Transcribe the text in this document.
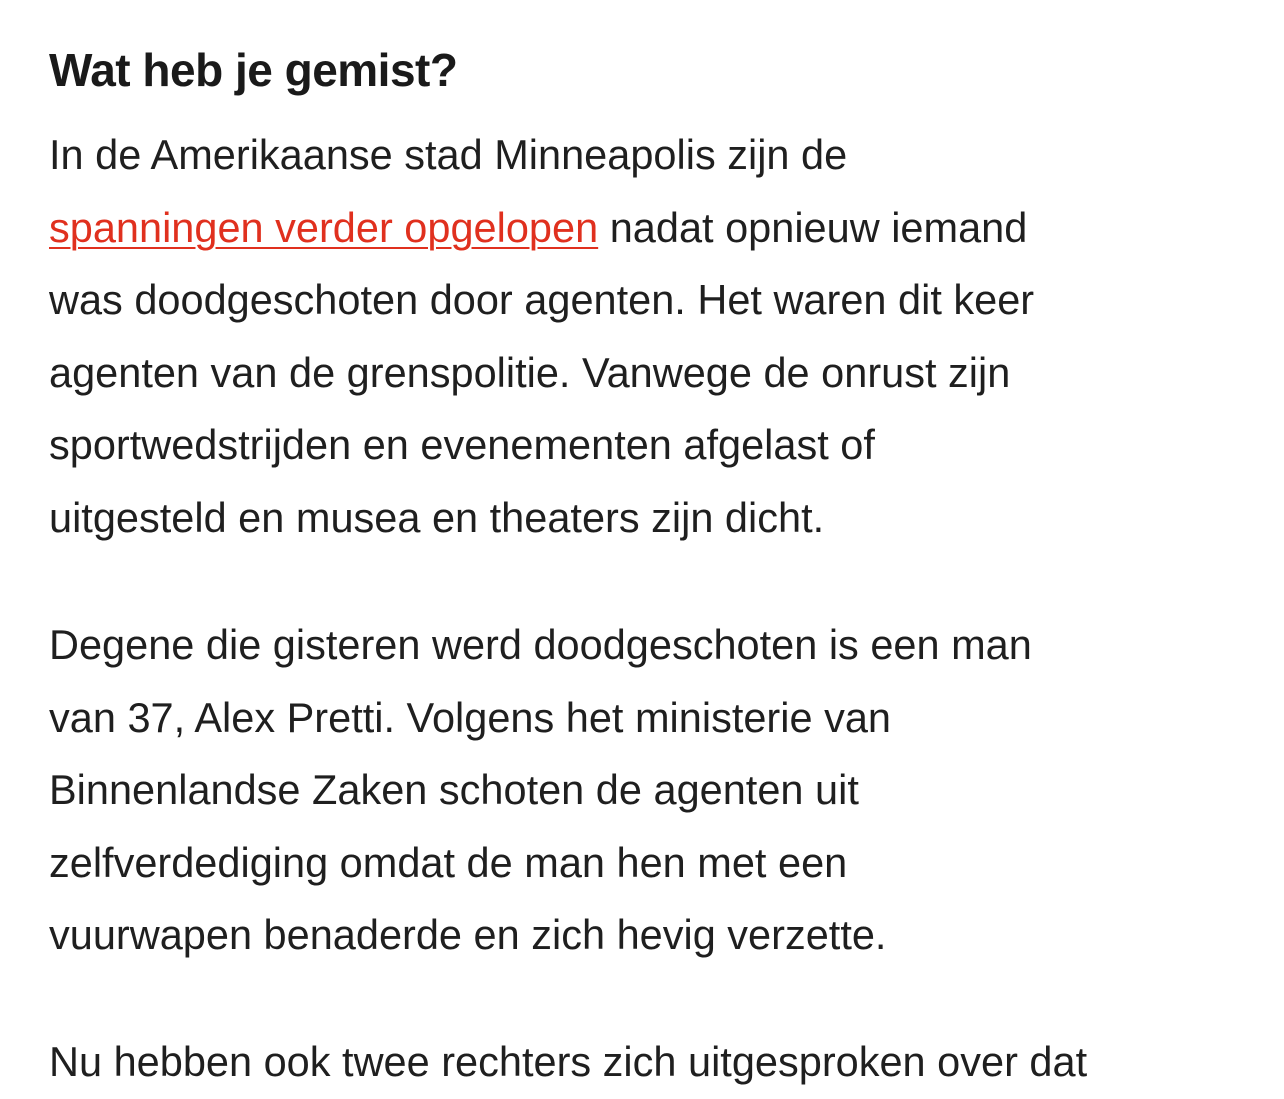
Wat heb je gemist?

In de Amerikaanse stad Minneapolis zijn de
spanningen verder opgelopen nadat opnieuw iemand
was doodgeschoten door agenten. Het waren dit keer
agenten van de grenspolitie. Vanwege de onrust zijn
sportwedstrijden en evenementen afgelast of
uitgesteld en musea en theaters zijn dicht.

Degene die gisteren werd doodgeschoten is een man
van 37, Alex Pretti. Volgens het ministerie van
Binnenlandse Zaken schoten de agenten uit
zelfverdediging omdat de man hen met een
vuurwapen benaderde en zich hevig verzette.

Nu hebben ook twee rechters zich uitgesproken over dat
